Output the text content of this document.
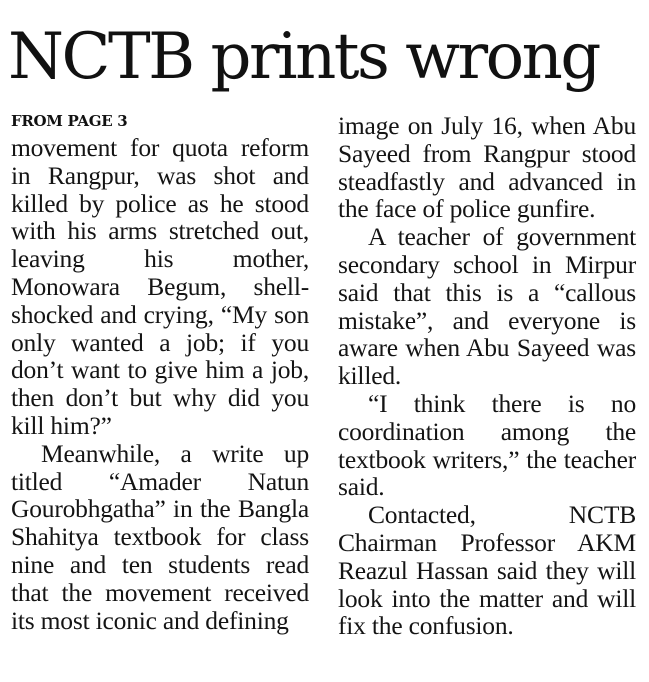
NCTB prints wrong

FROM PAGE 3

movement for quota reform in Rangpur, was shot and killed by police as he stood with his arms stretched out, leaving his mother, Monowara Begum, shell-shocked and crying, “My son only wanted a job; if you don’t want to give him a job, then don’t but why did you kill him?”

Meanwhile, a write up titled “Amader Natun Gourobhgatha” in the Bangla Shahitya textbook for class nine and ten students read that the movement received its most iconic and defining

image on July 16, when Abu Sayeed from Rangpur stood steadfastly and advanced in the face of police gunfire.

A teacher of government secondary school in Mirpur said that this is a “callous mistake”, and everyone is aware when Abu Sayeed was killed.

“I think there is no coordination among the textbook writers,” the teacher said.

Contacted, NCTB Chairman Professor AKM Reazul Hassan said they will look into the matter and will fix the confusion.
